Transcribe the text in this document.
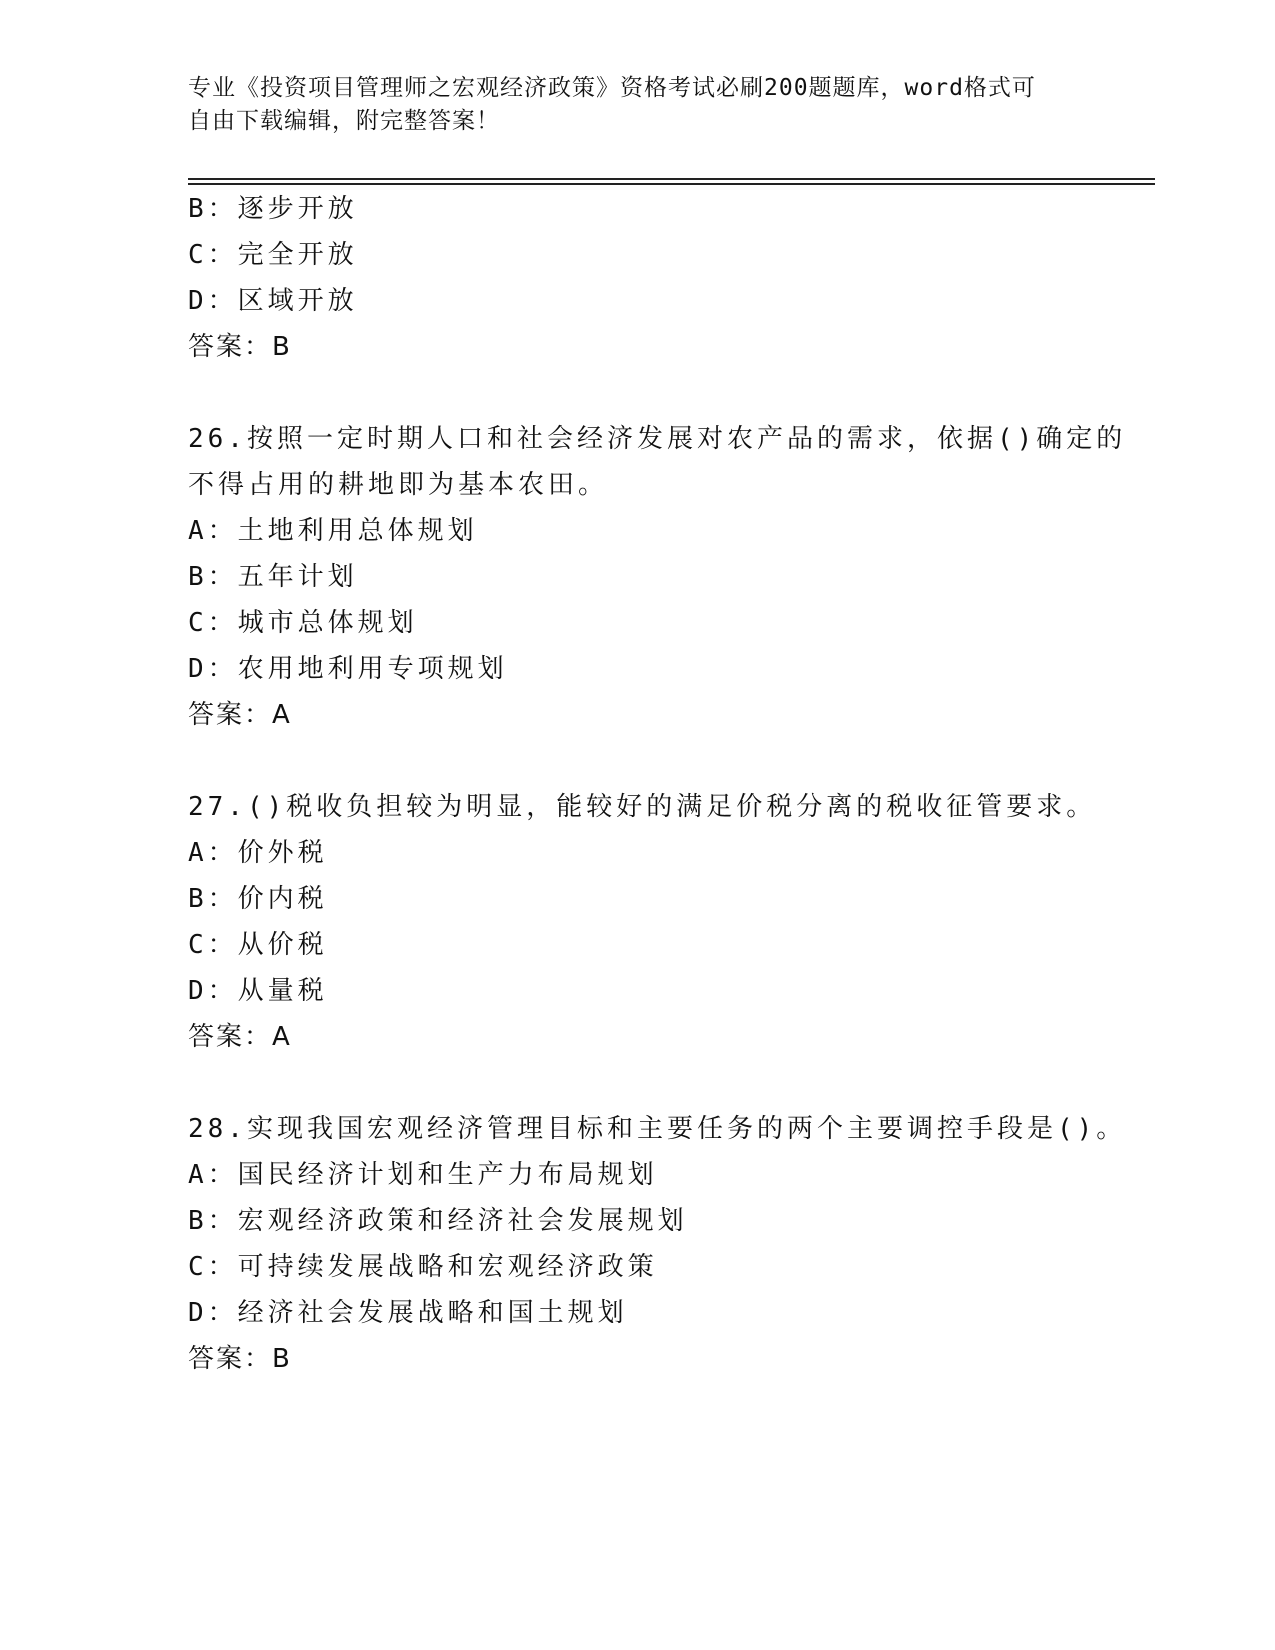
专业《投资项目管理师之宏观经济政策》资格考试必刷200题题库，word格式可
自由下载编辑，附完整答案！
B：逐步开放
C：完全开放
D：区域开放
答案：B
26.按照一定时期人口和社会经济发展对农产品的需求，依据()确定的
不得占用的耕地即为基本农田。
A：土地利用总体规划
B：五年计划
C：城市总体规划
D：农用地利用专项规划
答案：A
27.()税收负担较为明显，能较好的满足价税分离的税收征管要求。
A：价外税
B：价内税
C：从价税
D：从量税
答案：A
28.实现我国宏观经济管理目标和主要任务的两个主要调控手段是()。
A：国民经济计划和生产力布局规划
B：宏观经济政策和经济社会发展规划
C：可持续发展战略和宏观经济政策
D：经济社会发展战略和国土规划
答案：B
